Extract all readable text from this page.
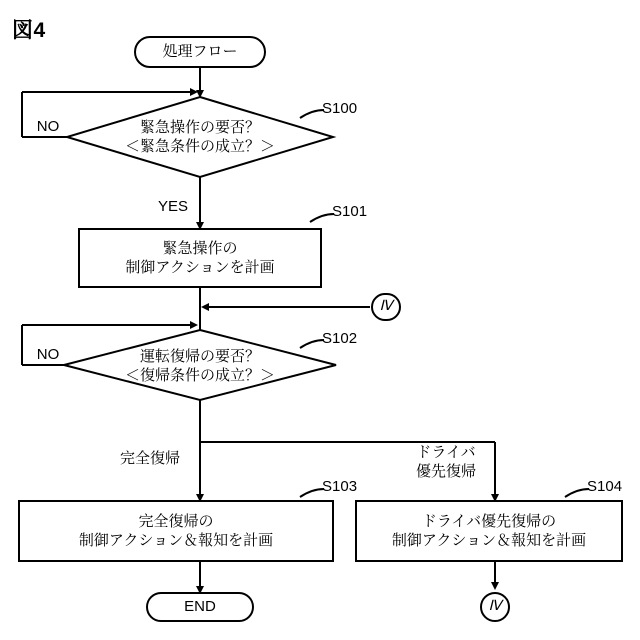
図4
処理フロー
緊急操作の要否？
＜緊急条件の成立？＞
緊急操作の
制御アクションを計画
Ⅳ
運転復帰の要否？
＜復帰条件の成立？＞
完全復帰の
制御アクション＆報知を計画
ドライバ優先復帰の
制御アクション＆報知を計画
END	Ⅳ
S100
S101
S102
S103	S104
NO
YES
NO
完全復帰	ドライバ
優先復帰
